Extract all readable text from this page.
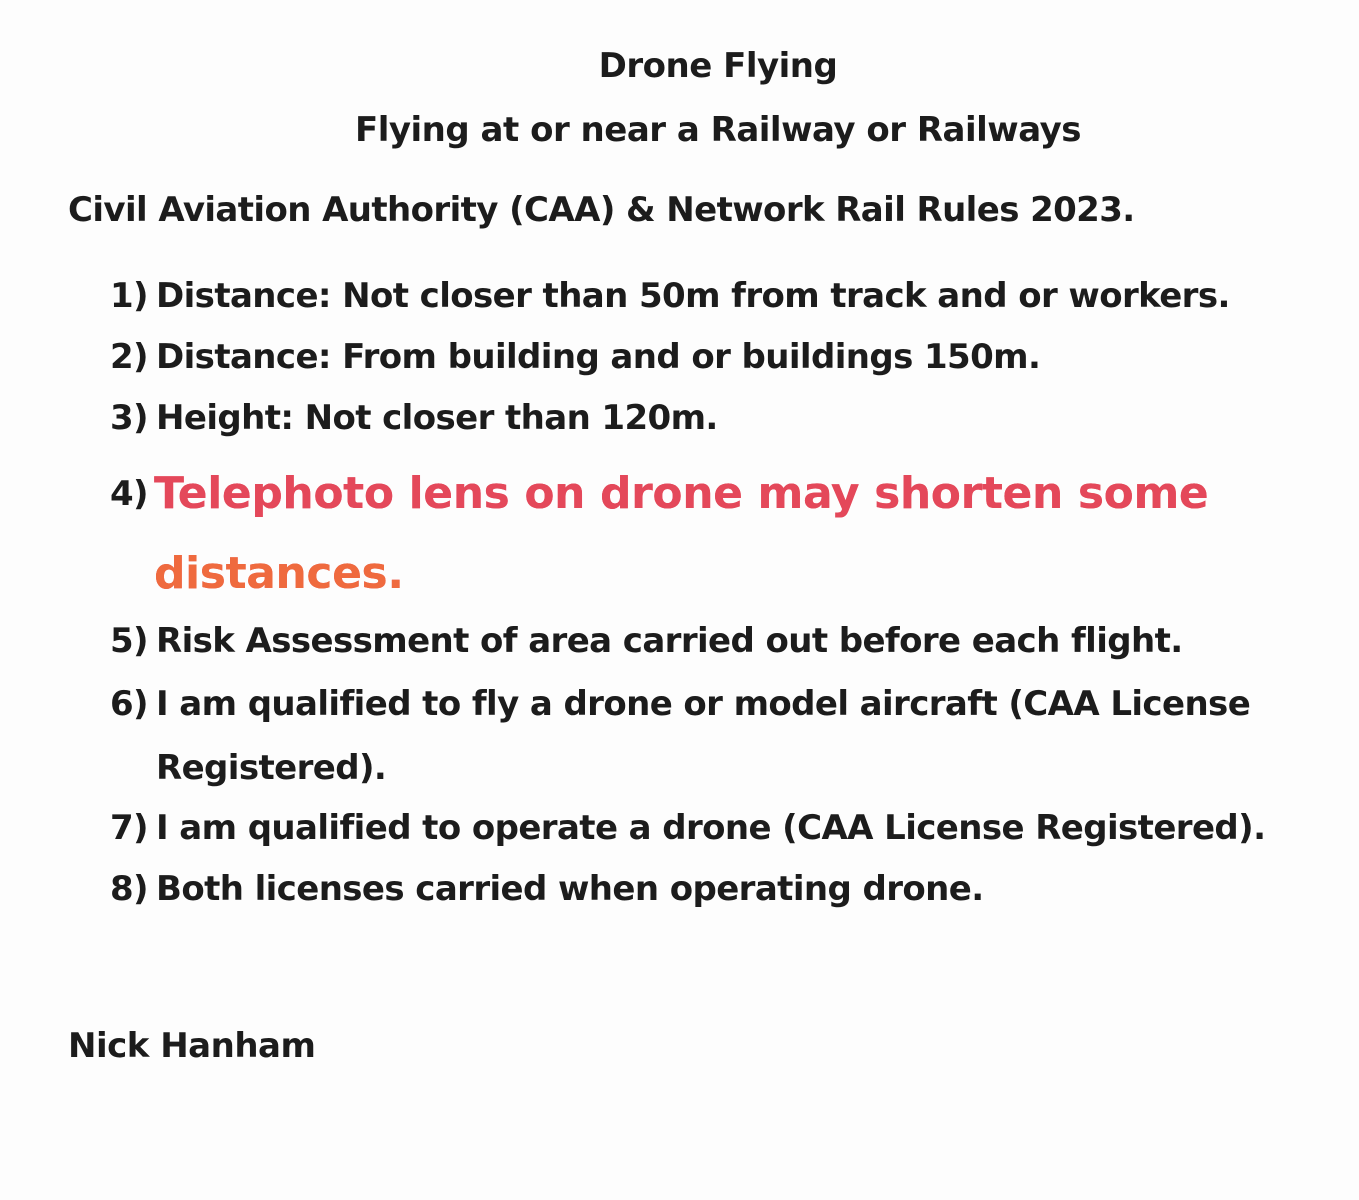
Drone Flying
Flying at or near a Railway or Railways
Civil Aviation Authority (CAA) & Network Rail Rules 2023.
1) Distance: Not closer than 50m from track and or workers.
2) Distance: From building and or buildings 150m.
3) Height: Not closer than 120m.
4) Telephoto lens on drone may shorten some
distances.
5) Risk Assessment of area carried out before each flight.
6) I am qualified to fly a drone or model aircraft (CAA License Registered).
7) I am qualified to operate a drone (CAA License Registered).
8) Both licenses carried when operating drone.
Nick Hanham
